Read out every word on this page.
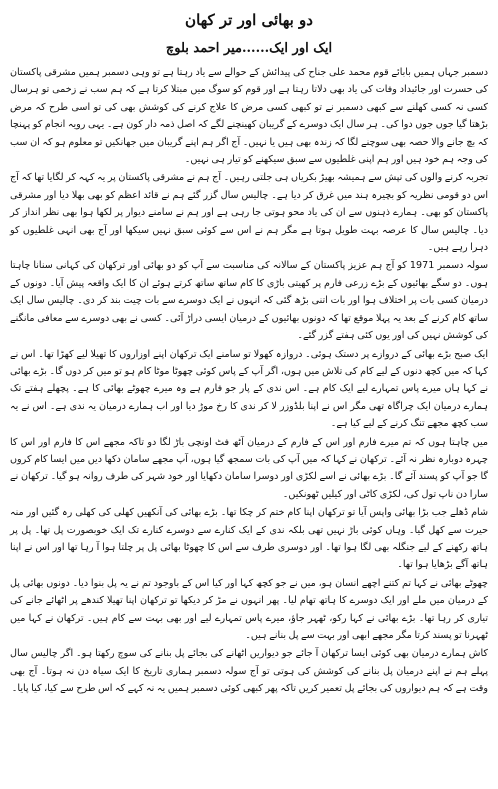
دو بھائی اور تر کھان
ایک اور ایک......میر احمد بلوچ

دسمبر جہاں ہمیں بابائے قوم محمد علی جناح کی پیدائش کے حوالے سے یاد رہتا ہے تو وہی دسمبر ہمیں مشرقی پاکستان کی حسرت اور جائیداد وفات کی یاد بھی دلاتا رہتا ہے اور قوم کو سوگ میں مبتلا کرتا ہے کہ ہم سب نے زخمی تو ہرسال کسی نہ کسی کھلنے سے کبھی دسمبر نے تو کبھی کسی مرض کا علاج کرنے کی کوشش بھی کی تو اسی طرح کہ مرض بڑھتا گیا جوں جوں دوا کی۔ ہر سال ایک دوسرے کے گریبان کھینچنے لگے کہ اصل ذمہ دار کون ہے۔ یہی رویہ انجام کو پہنچا کہ بچ جانے والا حصہ بھی سوچنے لگا کہ زندہ بھی ہیں یا نہیں۔ آج اگر ہم اپنے گریبان میں جھانکیں تو معلوم ہو کہ ان سب کی وجہ ہم خود ہیں اور ہم اپنی غلطیوں سے سبق سیکھنے کو تیار ہی نہیں۔

تجربہ کرنے والوں کی تپش سے ہمیشہ بھیڑ بکریاں ہی جلتی رہیں۔ آج ہم نے مشرقی پاکستان پر یہ کہہ کر لگایا تھا کہ آج اس دو قومی نظریہ کو بچیرہ ہند میں غرق کر دیا ہے۔ چالیس سال گزر گئے ہم نے قائد اعظم کو بھی بھلا دیا اور مشرقی پاکستان کو بھی۔ ہمارے ذہنوں سے ان کی یاد محو ہوتی جا رہی ہے اور ہم نے سامنے دیوار پر لکھا ہوا بھی نظر انداز کر دیا۔ چالیس سال کا عرصہ بہت طویل ہوتا ہے مگر ہم نے اس سے کوئی سبق نہیں سیکھا اور آج بھی انہی غلطیوں کو دہرا رہے ہیں۔

سولہ دسمبر 1971 کو آج ہم عزیز پاکستان کے سالانہ کی مناسبت سے آپ کو دو بھائی اور ترکھان کی کہانی سنانا چاہتا ہوں۔ دو سگے بھائیوں کے بڑے زرعی فارم پر کھیتی باڑی کا کام ساتھ ساتھ کرتے ہوئے ان کا ایک واقعہ پیش آیا۔ دونوں کے درمیان کسی بات پر اختلاف ہوا اور بات اتنی بڑھ گئی کہ انہوں نے ایک دوسرے سے بات چیت بند کر دی۔ چالیس سال ایک ساتھ کام کرنے کے بعد یہ پہلا موقع تھا کہ دونوں بھائیوں کے درمیان ایسی دراڑ آئی۔ کسی نے بھی دوسرے سے معافی مانگنے کی کوشش نہیں کی اور یوں کئی ہفتے گزر گئے۔

ایک صبح بڑے بھائی کے دروازے پر دستک ہوئی۔ دروازہ کھولا تو سامنے ایک ترکھان اپنے اوزاروں کا تھیلا لیے کھڑا تھا۔ اس نے کہا کہ میں کچھ دنوں کے لیے کام کی تلاش میں ہوں، اگر آپ کے پاس کوئی چھوٹا موٹا کام ہو تو میں کر دوں گا۔ بڑے بھائی نے کہا ہاں میرے پاس تمہارے لیے ایک کام ہے۔ اس ندی کے پار جو فارم ہے وہ میرے چھوٹے بھائی کا ہے۔ پچھلے ہفتے تک ہمارے درمیان ایک چراگاہ تھی مگر اس نے اپنا بلڈوزر لا کر ندی کا رخ موڑ دیا اور اب ہمارے درمیان یہ ندی ہے۔ اس نے یہ سب کچھ مجھے تنگ کرنے کے لیے کیا ہے۔

میں چاہتا ہوں کہ تم میرے فارم اور اس کے فارم کے درمیان آٹھ فٹ اونچی باڑ لگا دو تاکہ مجھے اس کا فارم اور اس کا چہرہ دوبارہ نظر نہ آئے۔ ترکھان نے کہا کہ میں آپ کی بات سمجھ گیا ہوں، آپ مجھے سامان دکھا دیں میں ایسا کام کروں گا جو آپ کو پسند آئے گا۔ بڑے بھائی نے اسے لکڑی اور دوسرا سامان دکھایا اور خود شہر کی طرف روانہ ہو گیا۔ ترکھان نے سارا دن ناپ تول کی، لکڑی کاٹی اور کیلیں ٹھونکیں۔

شام ڈھلے جب بڑا بھائی واپس آیا تو ترکھان اپنا کام ختم کر چکا تھا۔ بڑے بھائی کی آنکھیں کھلی کی کھلی رہ گئیں اور منہ حیرت سے کھل گیا۔ وہاں کوئی باڑ نہیں تھی بلکہ ندی کے ایک کنارے سے دوسرے کنارے تک ایک خوبصورت پل تھا۔ پل پر ہاتھ رکھنے کے لیے جنگلہ بھی لگا ہوا تھا۔ اور دوسری طرف سے اس کا چھوٹا بھائی پل پر چلتا ہوا آ رہا تھا اور اس نے اپنا ہاتھ آگے بڑھایا ہوا تھا۔

چھوٹے بھائی نے کہا تم کتنے اچھے انسان ہو، میں نے جو کچھ کہا اور کیا اس کے باوجود تم نے یہ پل بنوا دیا۔ دونوں بھائی پل کے درمیان میں ملے اور ایک دوسرے کا ہاتھ تھام لیا۔ پھر انہوں نے مڑ کر دیکھا تو ترکھان اپنا تھیلا کندھے پر اٹھائے جانے کی تیاری کر رہا تھا۔ بڑے بھائی نے کہا رکو، ٹھہر جاؤ، میرے پاس تمہارے لیے اور بھی بہت سے کام ہیں۔ ترکھان نے کہا میں ٹھہرنا تو پسند کرتا مگر مجھے ابھی اور بہت سے پل بنانے ہیں۔

کاش ہمارے درمیان بھی کوئی ایسا ترکھان آ جائے جو دیواریں اٹھانے کی بجائے پل بنانے کی سوچ رکھتا ہو۔ اگر چالیس سال پہلے ہم نے اپنے درمیان پل بنانے کی کوشش کی ہوتی تو آج سولہ دسمبر ہماری تاریخ کا ایک سیاہ دن نہ ہوتا۔ آج بھی وقت ہے کہ ہم دیواروں کی بجائے پل تعمیر کریں تاکہ پھر کبھی کوئی دسمبر ہمیں یہ نہ کہے کہ اس طرح سے کیا، کیا پایا۔
